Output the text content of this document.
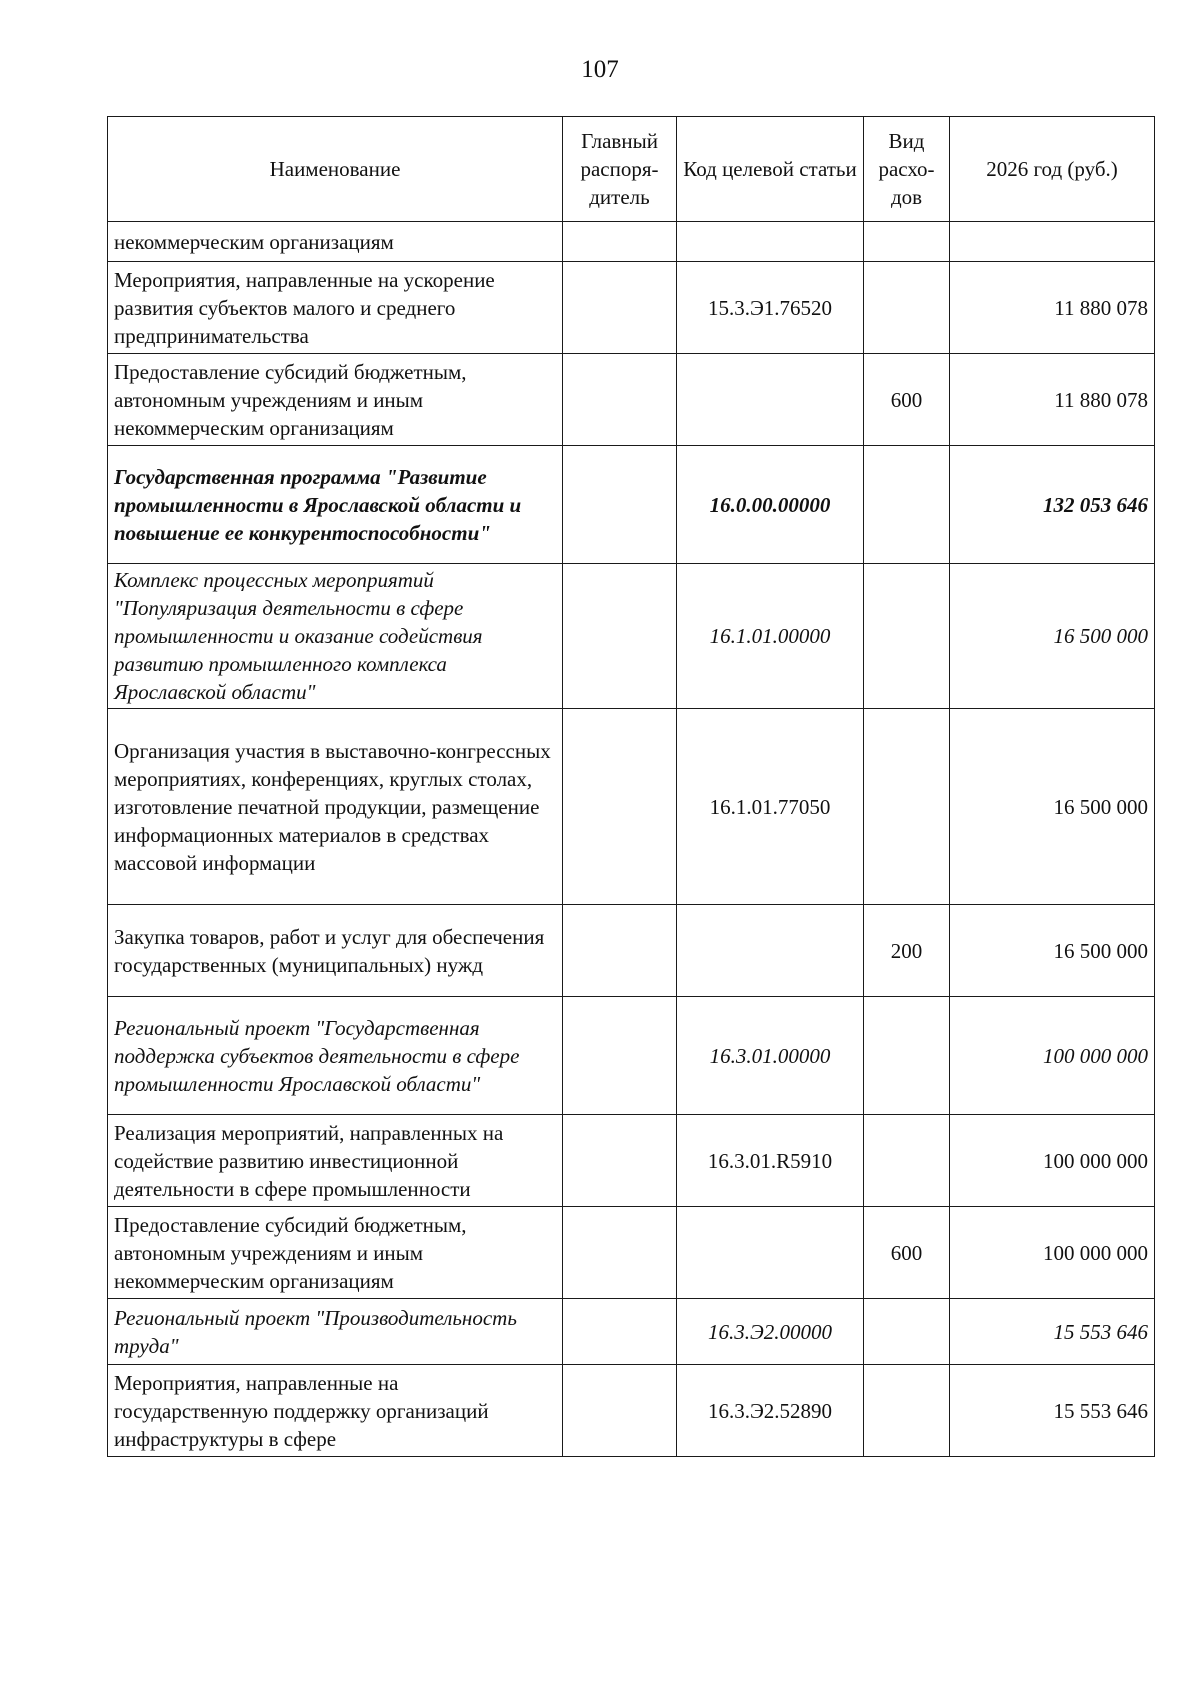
107
Наименование	Главный распоря-дитель	Код целевой статьи	Вид расхо-дов	2026 год (руб.)
некоммерческим организациям				
Мероприятия, направленные на ускорение развития субъектов малого и среднего предпринимательства		15.3.Э1.76520		11 880 078
Предоставление субсидий бюджетным, автономным учреждениям и иным некоммерческим организациям			600	11 880 078
Государственная программа "Развитие промышленности в Ярославской области и повышение ее конкурентоспособности"		16.0.00.00000		132 053 646
Комплекс процессных мероприятий "Популяризация деятельности в сфере промышленности и оказание содействия развитию промышленного комплекса Ярославской области"		16.1.01.00000		16 500 000
Организация участия в выставочно-конгрессных мероприятиях, конференциях, круглых столах, изготовление печатной продукции, размещение информационных материалов в средствах массовой информации		16.1.01.77050		16 500 000
Закупка товаров, работ и услуг для обеспечения государственных (муниципальных) нужд			200	16 500 000
Региональный проект "Государственная поддержка субъектов деятельности в сфере промышленности Ярославской области"		16.3.01.00000		100 000 000
Реализация мероприятий, направленных на содействие развитию инвестиционной деятельности в сфере промышленности		16.3.01.R5910		100 000 000
Предоставление субсидий бюджетным, автономным учреждениям и иным некоммерческим организациям			600	100 000 000
Региональный проект "Производительность труда"		16.3.Э2.00000		15 553 646
Мероприятия, направленные на государственную поддержку организаций инфраструктуры в сфере		16.3.Э2.52890		15 553 646
